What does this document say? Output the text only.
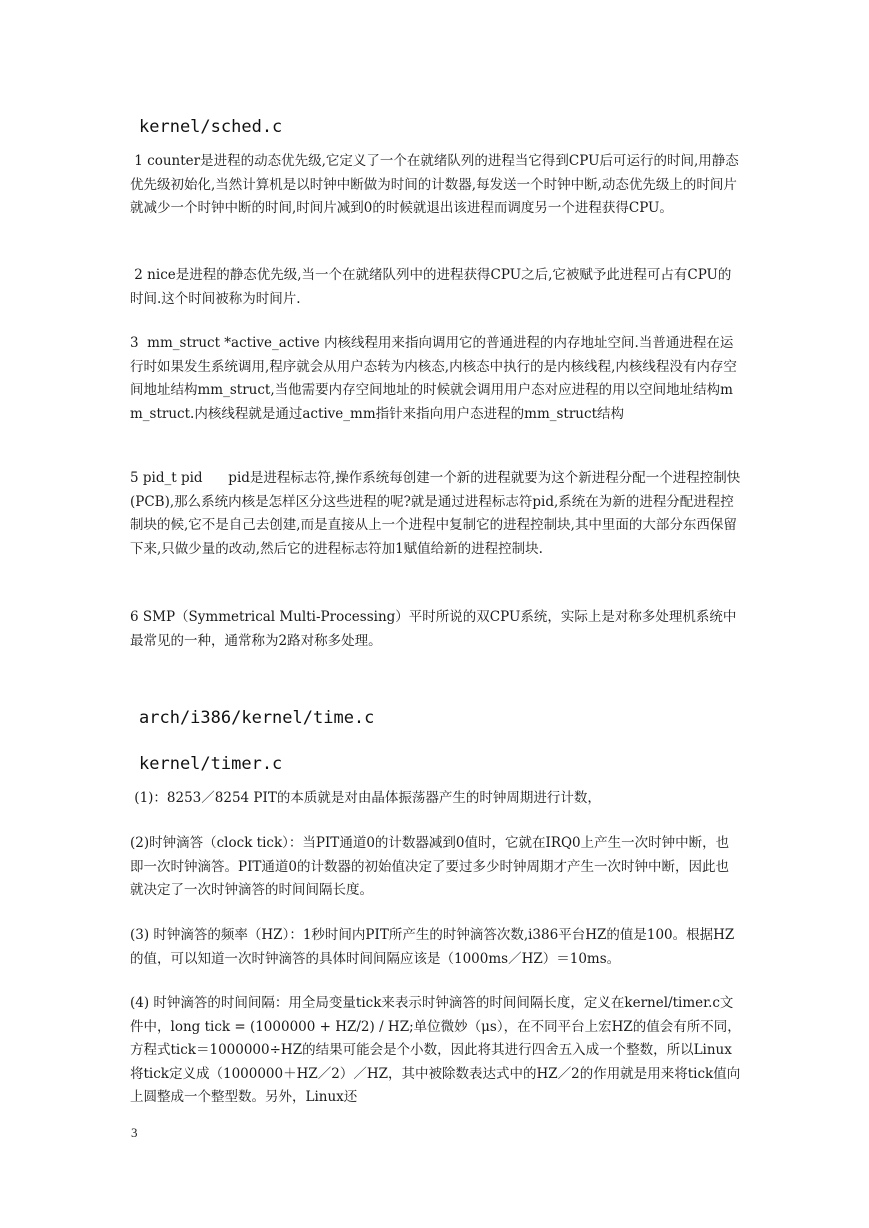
kernel/sched.c
1 counter是进程的动态优先级,它定义了一个在就绪队列的进程当它得到CPU后可运行的时间,用静态优先级初始化,当然计算机是以时钟中断做为时间的计数器,每发送一个时钟中断,动态优先级上的时间片就减少一个时钟中断的时间,时间片减到0的时候就退出该进程而调度另一个进程获得CPU。
2 nice是进程的静态优先级,当一个在就绪队列中的进程获得CPU之后,它被赋予此进程可占有CPU的时间.这个时间被称为时间片.
3  mm_struct *active_active 内核线程用来指向调用它的普通进程的内存地址空间.当普通进程在运行时如果发生系统调用,程序就会从用户态转为内核态,内核态中执行的是内核线程,内核线程没有内存空间地址结构mm_struct,当他需要内存空间地址的时候就会调用用户态对应进程的用以空间地址结构mm_struct.内核线程就是通过active_mm指针来指向用户态进程的mm_struct结构
5 pid_t pid      pid是进程标志符,操作系统每创建一个新的进程就要为这个新进程分配一个进程控制快(PCB),那么系统内核是怎样区分这些进程的呢?就是通过进程标志符pid,系统在为新的进程分配进程控制块的候,它不是自己去创建,而是直接从上一个进程中复制它的进程控制块,其中里面的大部分东西保留下来,只做少量的改动,然后它的进程标志符加1赋值给新的进程控制块.
6 SMP（Symmetrical Multi-Processing）平时所说的双CPU系统，实际上是对称多处理机系统中最常见的一种，通常称为2路对称多处理。
arch/i386/kernel/time.c
kernel/timer.c
(1)：8253／8254 PIT的本质就是对由晶体振荡器产生的时钟周期进行计数，
(2)时钟滴答（clock tick）：当PIT通道0的计数器减到0值时，它就在IRQ0上产生一次时钟中断，也即一次时钟滴答。PIT通道0的计数器的初始值决定了要过多少时钟周期才产生一次时钟中断，因此也就决定了一次时钟滴答的时间间隔长度。
(3) 时钟滴答的频率（HZ）：1秒时间内PIT所产生的时钟滴答次数,i386平台HZ的值是100。根据HZ的值，可以知道一次时钟滴答的具体时间间隔应该是（1000ms／HZ）＝10ms。
(4) 时钟滴答的时间间隔：用全局变量tick来表示时钟滴答的时间间隔长度，定义在kernel/timer.c文件中，long tick = (1000000 + HZ/2) / HZ;单位微妙（μs），在不同平台上宏HZ的值会有所不同，方程式tick＝1000000÷HZ的结果可能会是个小数，因此将其进行四舍五入成一个整数，所以Linux将tick定义成（1000000＋HZ／2）／HZ，其中被除数表达式中的HZ／2的作用就是用来将tick值向上圆整成一个整型数。另外，Linux还
3
